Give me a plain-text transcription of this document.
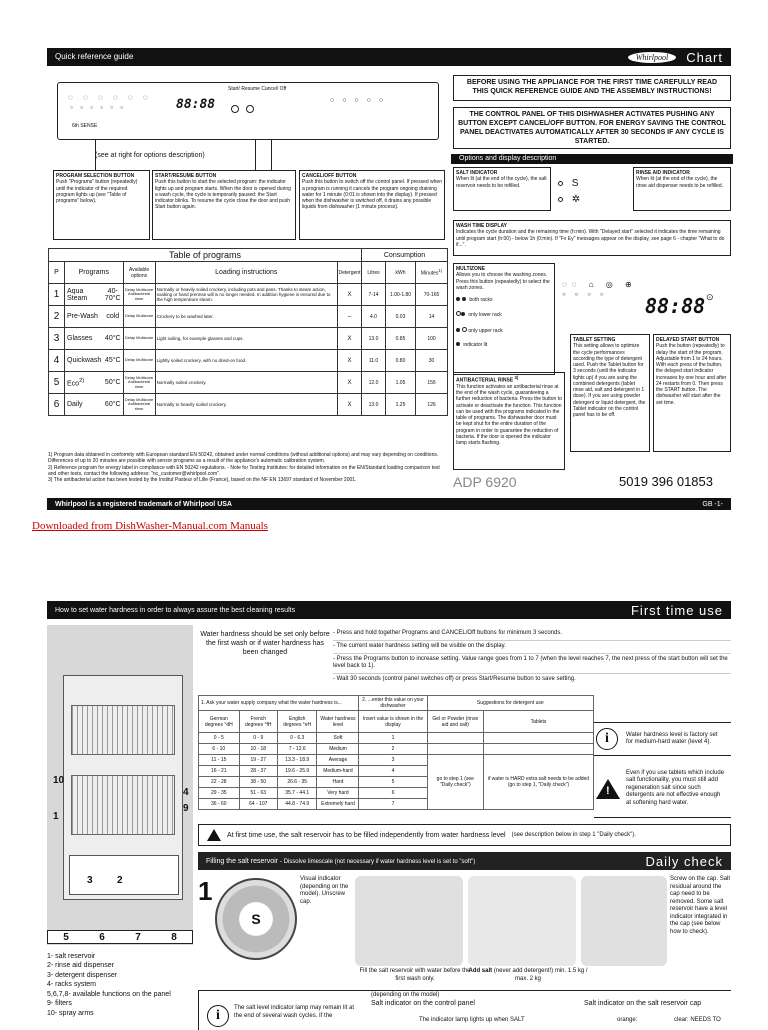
Quick reference guide	Whirlpool	Chart
◌ ◌ ◌ ◌ ◌ ◌
○○○○○○	88:88
Start/ Resume Cancel/ Off
○○○○○
6th SENSE
(see at right for options description)
PROGRAM SELECTION BUTTON
Push "Programs" button (repeatedly) until the indicator of the required program lights up (see "Table of programs" below).
START/RESUME BUTTON
Push this button to start the selected program: the indicator lights up and program starts. When the door is opened during a wash cycle, the cycle is temporarily paused: the Start indicator blinks. To resume the cycle close the door and push Start button again.
CANCEL/OFF BUTTON
Push this button to switch off the control panel. If pressed when a program is running it cancels the program ongoing draining water for 1 minute (0:01 is shown into the display). If pressed when the dishwasher is switched off, it drains any possible liquids from dishwasher (1 minute process).
BEFORE USING THE APPLIANCE FOR THE FIRST TIME CAREFULLY READ THIS QUICK REFERENCE GUIDE AND THE ASSEMBLY INSTRUCTIONS!
THE CONTROL PANEL OF THIS DISHWASHER ACTIVATES PUSHING ANY BUTTON EXCEPT CANCEL/OFF BUTTON. FOR ENERGY SAVING THE CONTROL PANEL DEACTIVATES AUTOMATICALLY AFTER 30 SECONDS IF ANY CYCLE IS STARTED.
Options and display description
SALT INDICATOR
When lit (at the end of the cycle), the salt reservoir needs to be refilled.	S
✲
RINSE AID INDICATOR
When lit (at the end of the cycle), the rinse aid dispenser needs to be refilled.
WASH TIME DISPLAY
Indicates the cycle duration and the remaining time (h:min). With "Delayed start" selected it indicates the time remaining until program start (h:00) - below 1h (0:min). If "Fx Ey" messages appear on the display, see page 6 - chapter "What to do if...".
MULTIZONE
Allows you to choose the washing zones. Press this button (repeatedly) to select the wash zones.
both racks
only lower rack
only upper rack
indicator lit
◌◌ ⌂ ◎ ⊕
○○○○ 88:88 ⊙
ANTIBACTERIAL RINSE $^{3)}$
This function activates an antibacterial rinse at the end of the wash cycle, guaranteeing a further reduction of bacteria. Press the button to activate or deactivate the function. This function can be used with the programs indicated in the table of programs. The dishwasher door must be kept shut for the entire duration of the program in order to guarantee the reduction of bacteria. If the door is opened the indicator lamp starts flashing.
TABLET SETTING
This setting allows to optimize the cycle performances according the type of detergent used. Push the Tablet button for 3 seconds (until the indicator lights up) if you are using the combined detergents (tablet rinse aid, salt and detergent in 1 dose). If you are using powder detergent or liquid detergent, the Tablet indicator on the control panel has to be off.
DELAYED START BUTTON
Push the button (repeatedly) to delay the start of the program. Adjustable from 1 to 24 hours. With each press of the button, the delayed start indicator increases by one hour and after 24 restarts from 0. Then press the START button. The dishwasher will start after the set time.
Table of programs						Consumption		
P	Programs		Available options	Loading instructions	Detergent	Litres	kWh	Minutes$^{1)}$
1	Aqua Steam	40-70°C	Delay Multizone Antibacterial rinse	Normally or heavily soiled crockery, including pots and pans. Thanks to steam action, soaking or hand prerinse will is no longer needed. In addition hygiene is ensured due to the high temperature steam.	X	7-14	1.00-1.80	70-165
2	Pre-Wash	cold	Delay Multizone	Crockery to be washed later.	–	4.0	0.03	14
3	Glasses	40°C	Delay Multizone	Light soiling, for example glasses and cups.	X	13.0	0.85	100
4	Quickwash	45°C	Delay Multizone	Lightly soiled crockery, with no dried-on food.	X	11.0	0.80	30
5	Eco$^{2)}$	50°C	Delay Multizone Antibacterial rinse	Normally soiled crockery.	X	12.0	1.05	156
6	Daily	60°C	Delay Multizone Antibacterial rinse	Normally to heavily soiled crockery.	X	13.0	1.25	126
1) Program data obtained in conformity with European standard EN 50242, obtained under normal conditions (without additional options) and may vary depending on conditions. Differences of up to 20 minutes are possible with sensor programs as a result of the appliance's automatic calibration system.
2) Reference program for energy label in compliance with EN 50242 regulations. - Note for Testing Institutes: for detailed information on the EN/Standard loading comparison test and other tests, contact the following address: "nc_customer@whirlpool.com".
3) The antibacterial action has been tested by the Institut Pasteur of Lille (France), based on the NF EN 13697 standard of November 2001.	ADP 6920	5019 396 01853
Whirlpool is a registered trademark of Whirlpool USA	GB -1-
Downloaded from DishWasher-Manual.com Manuals
How to set water hardness in order to always assure the best cleaning results	First time use
10
1
4
9
3 2
5	6	7	8
1- salt reservoir
2- rinse aid dispenser
3- detergent dispenser
4- racks system
5,6,7,8- available functions on the panel
9- filters
10- spray arms
Water hardness should be set only before the first wash or if water hardness has been changed
- Press and hold together Programs and CANCEL/Off buttons for minimum 3 seconds.
- The current water hardness setting will be visible on the display.
- Press the Programs button to increase setting. Value range goes from 1 to 7 (when the level reaches 7, the next press of the start button will set the level back to 1).
- Wait 30 seconds (control panel switches off) or press Start/Resume button to save setting.
1. Ask your water supply company what the water hardness is...				2. ...enter this value on your dishwasher	Suggestions for detergent use	
German degrees °dH	French degrees °fH	English degrees °eH	Water hardness level	Insert value is shown in the display	Gel or Powder (rinse aid and salt)	Tablets
0 - 5	0 - 9	0 - 6.3	Soft	1		
6 - 10	10 - 18	7 - 12.6	Medium	2		
11 - 15	19 - 27	13.3 - 18.9	Average	3	go to step 1 (see "Daily check")	if water is HARD extra salt needs to be added (go to step 1, "Daily check")
16 - 21	28 - 37	19.6 - 25.9	Medium-hard	4		
22 - 28	38 - 50	26.6 - 35	Hard	5		
29 - 35	51 - 63	35.7 - 44.1	Very hard	6		
36 - 60	64 - 107	44.8 - 74.9	Extremely hard	7		
i	Water hardness level is factory set for medium-hard water (level 4).
!
Even if you use tablets which include salt functionality, you must still add regeneration salt since such detergents are not effective enough at softening hard water.
At first time use, the salt reservoir has to be filled independently from water hardness level (see description below in step 1 "Daily check").
Filling the salt reservoir - Dissolve limescale (not necessary if water hardness level is set to "soft")	Daily check
1
S
Visual indicator (depending on the model). Unscrew cap.
Screw on the cap. Salt residual around the cap need to be removed. Some salt reservoir have a level indicator integrated in the cap (see below how to check).
Fill the salt reservoir with water before the first wash only.
Add salt (never add detergent!) min. 1.5 kg / max. 2 kg
i	The salt level indicator lamp may remain lit at the end of several wash cycles. If the
(depending on the model)
Salt indicator on the control panel	Salt indicator on the salt reservoir cap
The indicator lamp lights up when SALT	orange:	clear: NEEDS TO
